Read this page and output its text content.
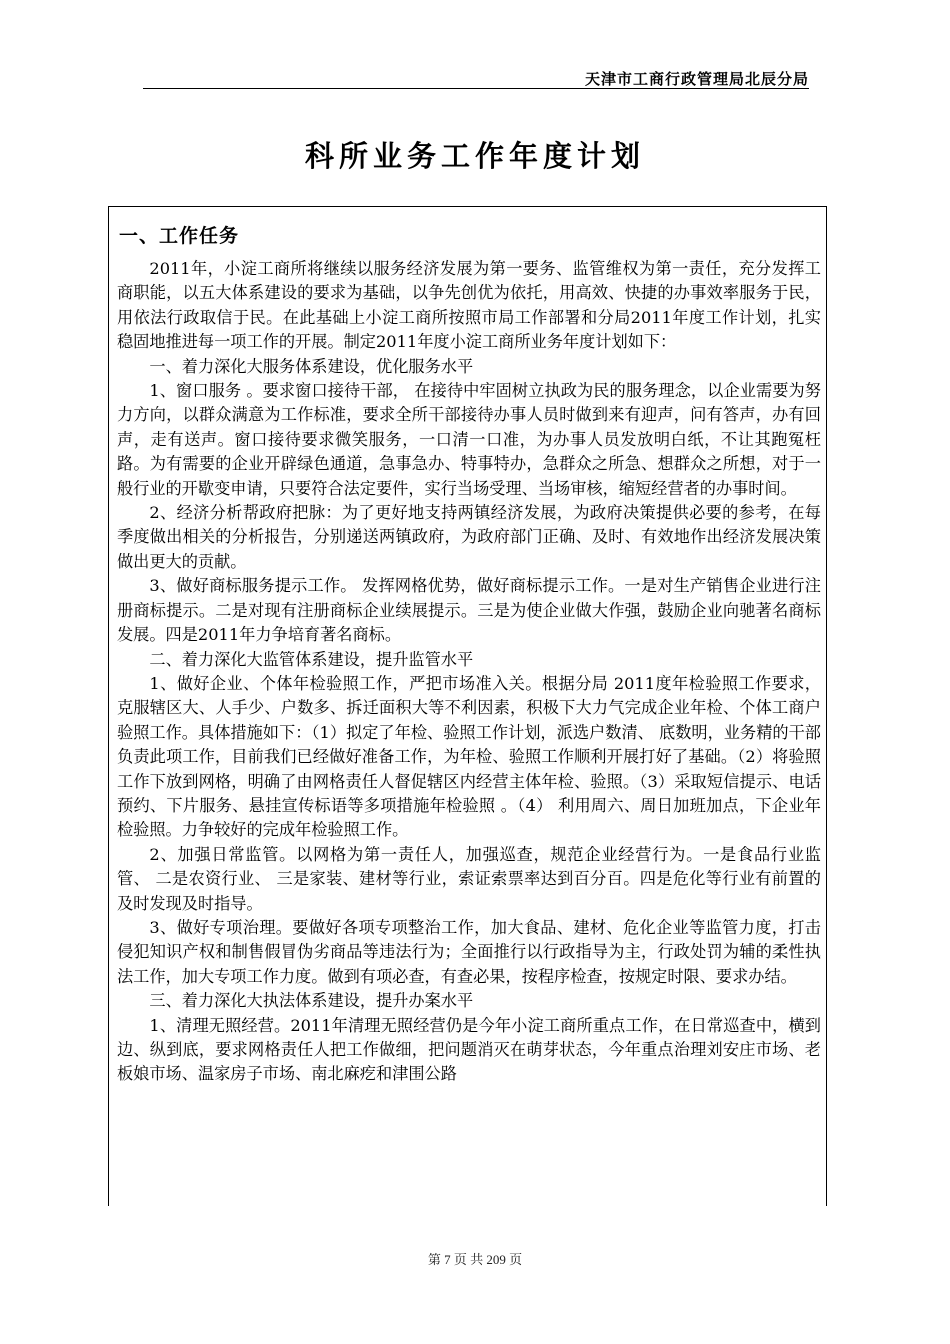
天津市工商行政管理局北辰分局
科所业务工作年度计划
一、工作任务

2011年，小淀工商所将继续以服务经济发展为第一要务、监管维权为第一责任，充分发挥工商职能，以五大体系建设的要求为基础，以争先创优为依托，用高效、快捷的办事效率服务于民，用依法行政取信于民。在此基础上小淀工商所按照市局工作部署和分局2011年度工作计划，扎实稳固地推进每一项工作的开展。制定2011年度小淀工商所业务年度计划如下：

一、着力深化大服务体系建设，优化服务水平

1、窗口服务 。要求窗口接待干部， 在接待中牢固树立执政为民的服务理念，以企业需要为努力方向，以群众满意为工作标准，要求全所干部接待办事人员时做到来有迎声，问有答声，办有回声，走有送声。窗口接待要求微笑服务，一口清一口准，为办事人员发放明白纸，不让其跑冤枉路。为有需要的企业开辟绿色通道，急事急办、特事特办，急群众之所急、想群众之所想，对于一般行业的开歇变申请，只要符合法定要件，实行当场受理、当场审核，缩短经营者的办事时间。

2、经济分析帮政府把脉：为了更好地支持两镇经济发展，为政府决策提供必要的参考，在每季度做出相关的分析报告，分别递送两镇政府，为政府部门正确、及时、有效地作出经济发展决策做出更大的贡献。

3、做好商标服务提示工作。 发挥网格优势，做好商标提示工作。一是对生产销售企业进行注册商标提示。二是对现有注册商标企业续展提示。三是为使企业做大作强，鼓励企业向驰著名商标发展。四是2011年力争培育著名商标。

二、着力深化大监管体系建设，提升监管水平

1、做好企业、个体年检验照工作，严把市场准入关。根据分局 2011度年检验照工作要求，克服辖区大、人手少、户数多、拆迁面积大等不利因素，积极下大力气完成企业年检、个体工商户验照工作。具体措施如下：（1）拟定了年检、验照工作计划，派选户数清、 底数明，业务精的干部负责此项工作，目前我们已经做好准备工作，为年检、验照工作顺利开展打好了基础。（2）将验照工作下放到网格，明确了由网格责任人督促辖区内经营主体年检、验照。（3）采取短信提示、电话预约、下片服务、悬挂宣传标语等多项措施年检验照 。（4） 利用周六、周日加班加点，下企业年检验照。力争较好的完成年检验照工作。

2、加强日常监管。以网格为第一责任人，加强巡查，规范企业经营行为。一是食品行业监管、 二是农资行业、 三是家装、建材等行业，索证索票率达到百分百。四是危化等行业有前置的及时发现及时指导。

3、做好专项治理。要做好各项专项整治工作，加大食品、建材、危化企业等监管力度，打击侵犯知识产权和制售假冒伪劣商品等违法行为；全面推行以行政指导为主，行政处罚为辅的柔性执法工作，加大专项工作力度。做到有项必查，有查必果，按程序检查，按规定时限、要求办结。

三、着力深化大执法体系建设，提升办案水平

1、清理无照经营。2011年清理无照经营仍是今年小淀工商所重点工作，在日常巡查中，横到边、纵到底，要求网格责任人把工作做细，把问题消灭在萌芽状态，今年重点治理刘安庄市场、老板娘市场、温家房子市场、南北麻疙和津围公路

第 7 页 共 209 页
